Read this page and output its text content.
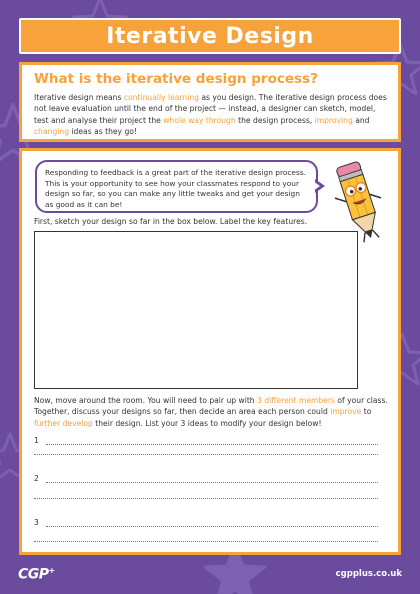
Iterative Design
What is the iterative design process?
Iterative design means continually learning as you design. The iterative design process does not leave evaluation until the end of the project — instead, a designer can sketch, model, test and analyse their project the whole way through the design process, improving and changing ideas as they go!
Responding to feedback is a great part of the iterative design process. This is your opportunity to see how your classmates respond to your design so far, so you can make any little tweaks and get your design as good as it can be!
First, sketch your design so far in the box below. Label the key features.
Now, move around the room. You will need to pair up with 3 different members of your class. Together, discuss your designs so far, then decide an area each person could improve to further develop their design. List your 3 ideas to modify your design below!
1
2
3
CGP+	cgpplus.co.uk
